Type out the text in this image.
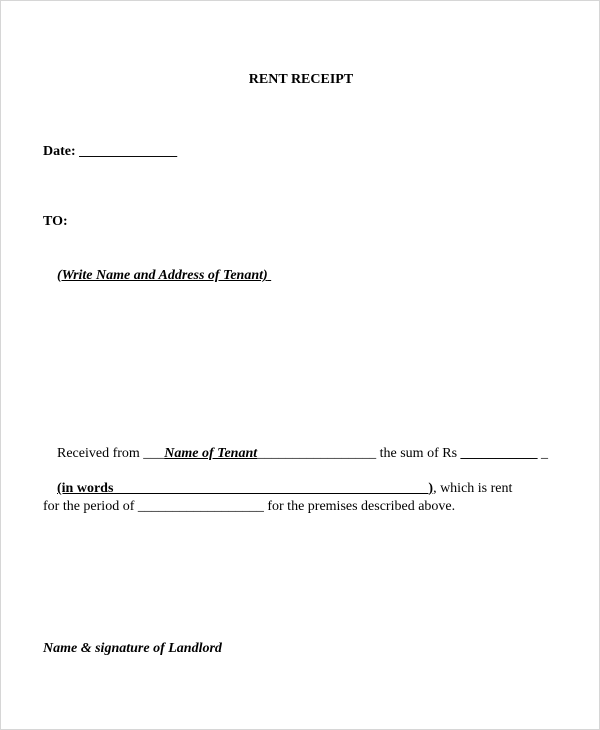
RENT RECEIPT
Date: ______________
TO:

(Write Name and Address of Tenant)

Received from ___Name of Tenant_________________ the sum of Rs ___________ _

(in words_____________________________________________), which is rent

for the period of __________________ for the premises described above.
Name & signature of Landlord
